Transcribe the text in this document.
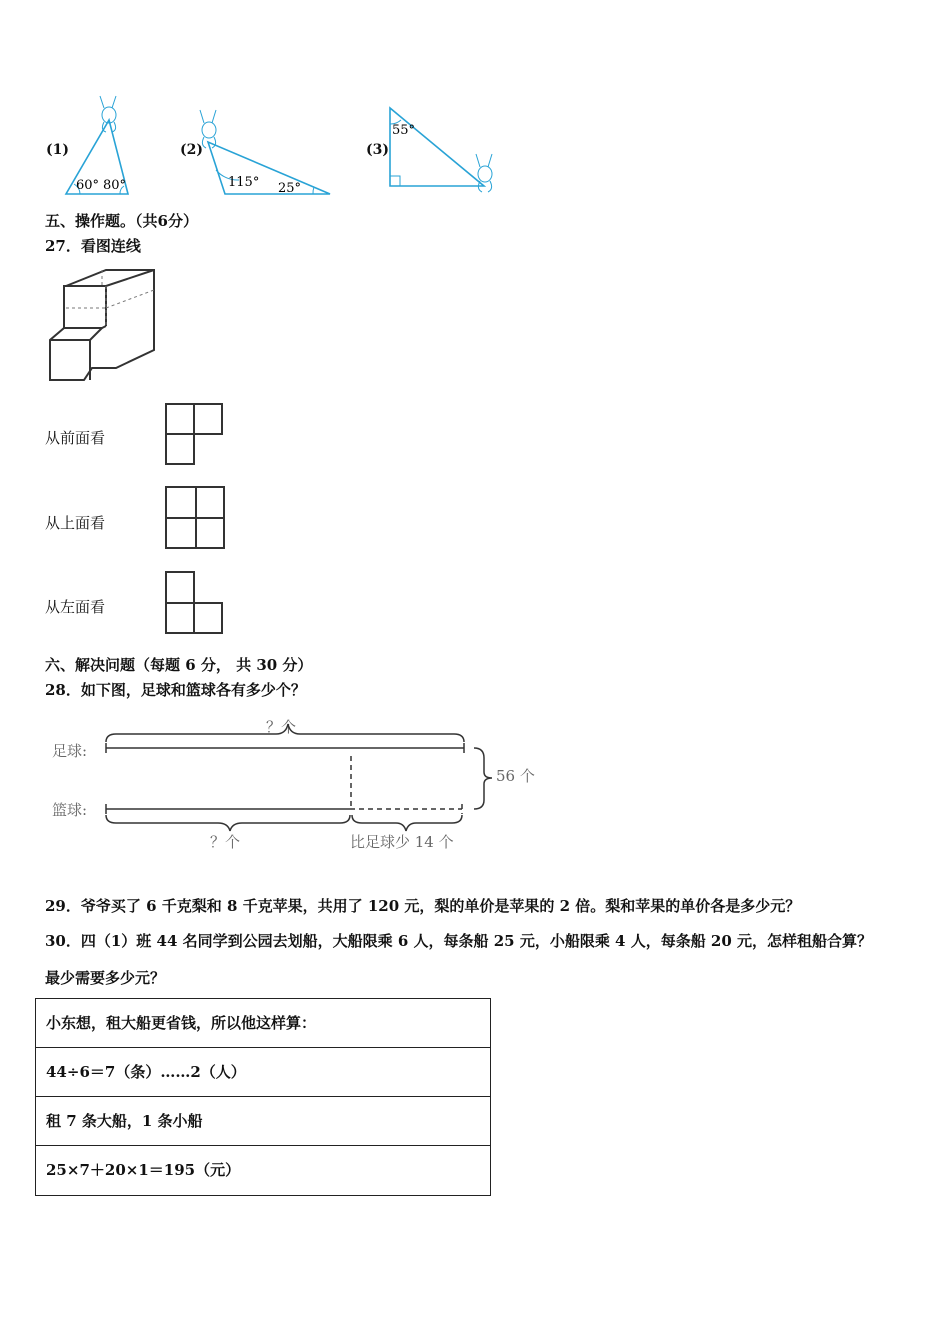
(1)	(2)	(3)
60° 80°	115° 25°
55°
五、操作题。（共6分）
27．看图连线
从前面看
从上面看
从左面看
六、解决问题（每题 6 分， 共 30 分）
28．如下图，足球和篮球各有多少个？
足球:
篮球:
？个
56 个
？个	比足球少 14 个
29．爷爷买了 6 千克梨和 8 千克苹果，共用了 120 元，梨的单价是苹果的 2 倍。梨和苹果的单价各是多少元？
30．四（1）班 44 名同学到公园去划船，大船限乘 6 人，每条船 25 元，小船限乘 4 人，每条船 20 元，怎样租船合算？
最少需要多少元？
小东想，租大船更省钱，所以他这样算：
44÷6＝7（条）……2（人）
租 7 条大船，1 条小船
25×7＋20×1＝195（元）
